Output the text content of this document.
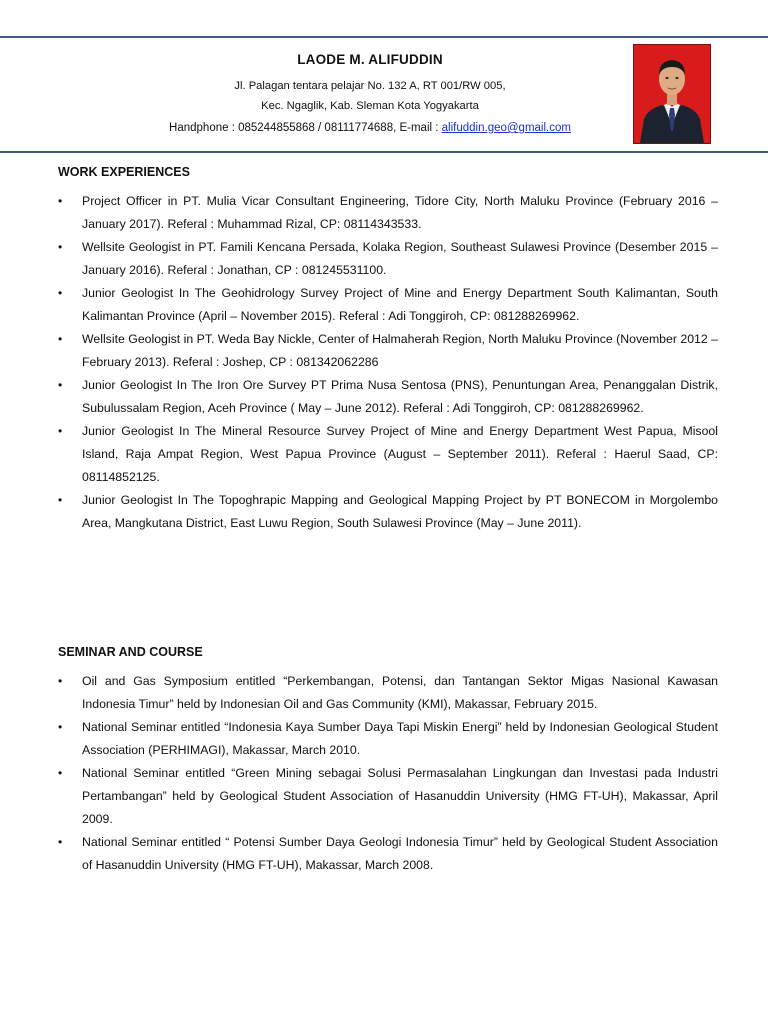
LAODE M. ALIFUDDIN

Jl. Palagan tentara pelajar No. 132 A, RT 001/RW 005,

Kec. Ngaglik, Kab. Sleman Kota Yogyakarta

Handphone : 085244855868 / 08111774688, E-mail : alifuddin.geo@gmail.com

WORK EXPERIENCES

• Project Officer in PT. Mulia Vicar Consultant Engineering, Tidore City, North Maluku Province (February 2016 – January 2017). Referal : Muhammad Rizal, CP: 08114343533.
• Wellsite Geologist in PT. Famili Kencana Persada, Kolaka Region, Southeast Sulawesi Province (Desember 2015 – January 2016). Referal : Jonathan, CP : 081245531100.
• Junior Geologist In The Geohidrology Survey Project of Mine and Energy Department South Kalimantan, South Kalimantan Province (April – November 2015). Referal : Adi Tonggiroh, CP: 081288269962.
• Wellsite Geologist in PT. Weda Bay Nickle, Center of Halmaherah Region, North Maluku Province (November 2012 – February 2013). Referal : Joshep, CP : 081342062286
• Junior Geologist In The Iron Ore Survey PT Prima Nusa Sentosa (PNS), Penuntungan Area, Penanggalan Distrik, Subulussalam Region, Aceh Province ( May – June 2012). Referal : Adi Tonggiroh, CP: 081288269962.
• Junior Geologist In The Mineral Resource Survey Project of Mine and Energy Department West Papua, Misool Island, Raja Ampat Region, West Papua Province (August – September 2011). Referal : Haerul Saad, CP: 08114852125.
• Junior Geologist In The Topoghrapic Mapping and Geological Mapping Project by PT BONECOM in Morgolembo Area, Mangkutana District, East Luwu Region, South Sulawesi Province (May – June 2011).

SEMINAR AND COURSE

• Oil and Gas Symposium entitled “Perkembangan, Potensi, dan Tantangan Sektor Migas Nasional Kawasan Indonesia Timur” held by Indonesian Oil and Gas Community (KMI), Makassar, February 2015.
• National Seminar entitled “Indonesia Kaya Sumber Daya Tapi Miskin Energi” held by Indonesian Geological Student Association (PERHIMAGI), Makassar, March 2010.
• National Seminar entitled “Green Mining sebagai Solusi Permasalahan Lingkungan dan Investasi pada Industri Pertambangan” held by Geological Student Association of Hasanuddin University (HMG FT-UH), Makassar, April 2009.
• National Seminar entitled “ Potensi Sumber Daya Geologi Indonesia Timur” held by Geological Student Association of Hasanuddin University (HMG FT-UH), Makassar, March 2008.
